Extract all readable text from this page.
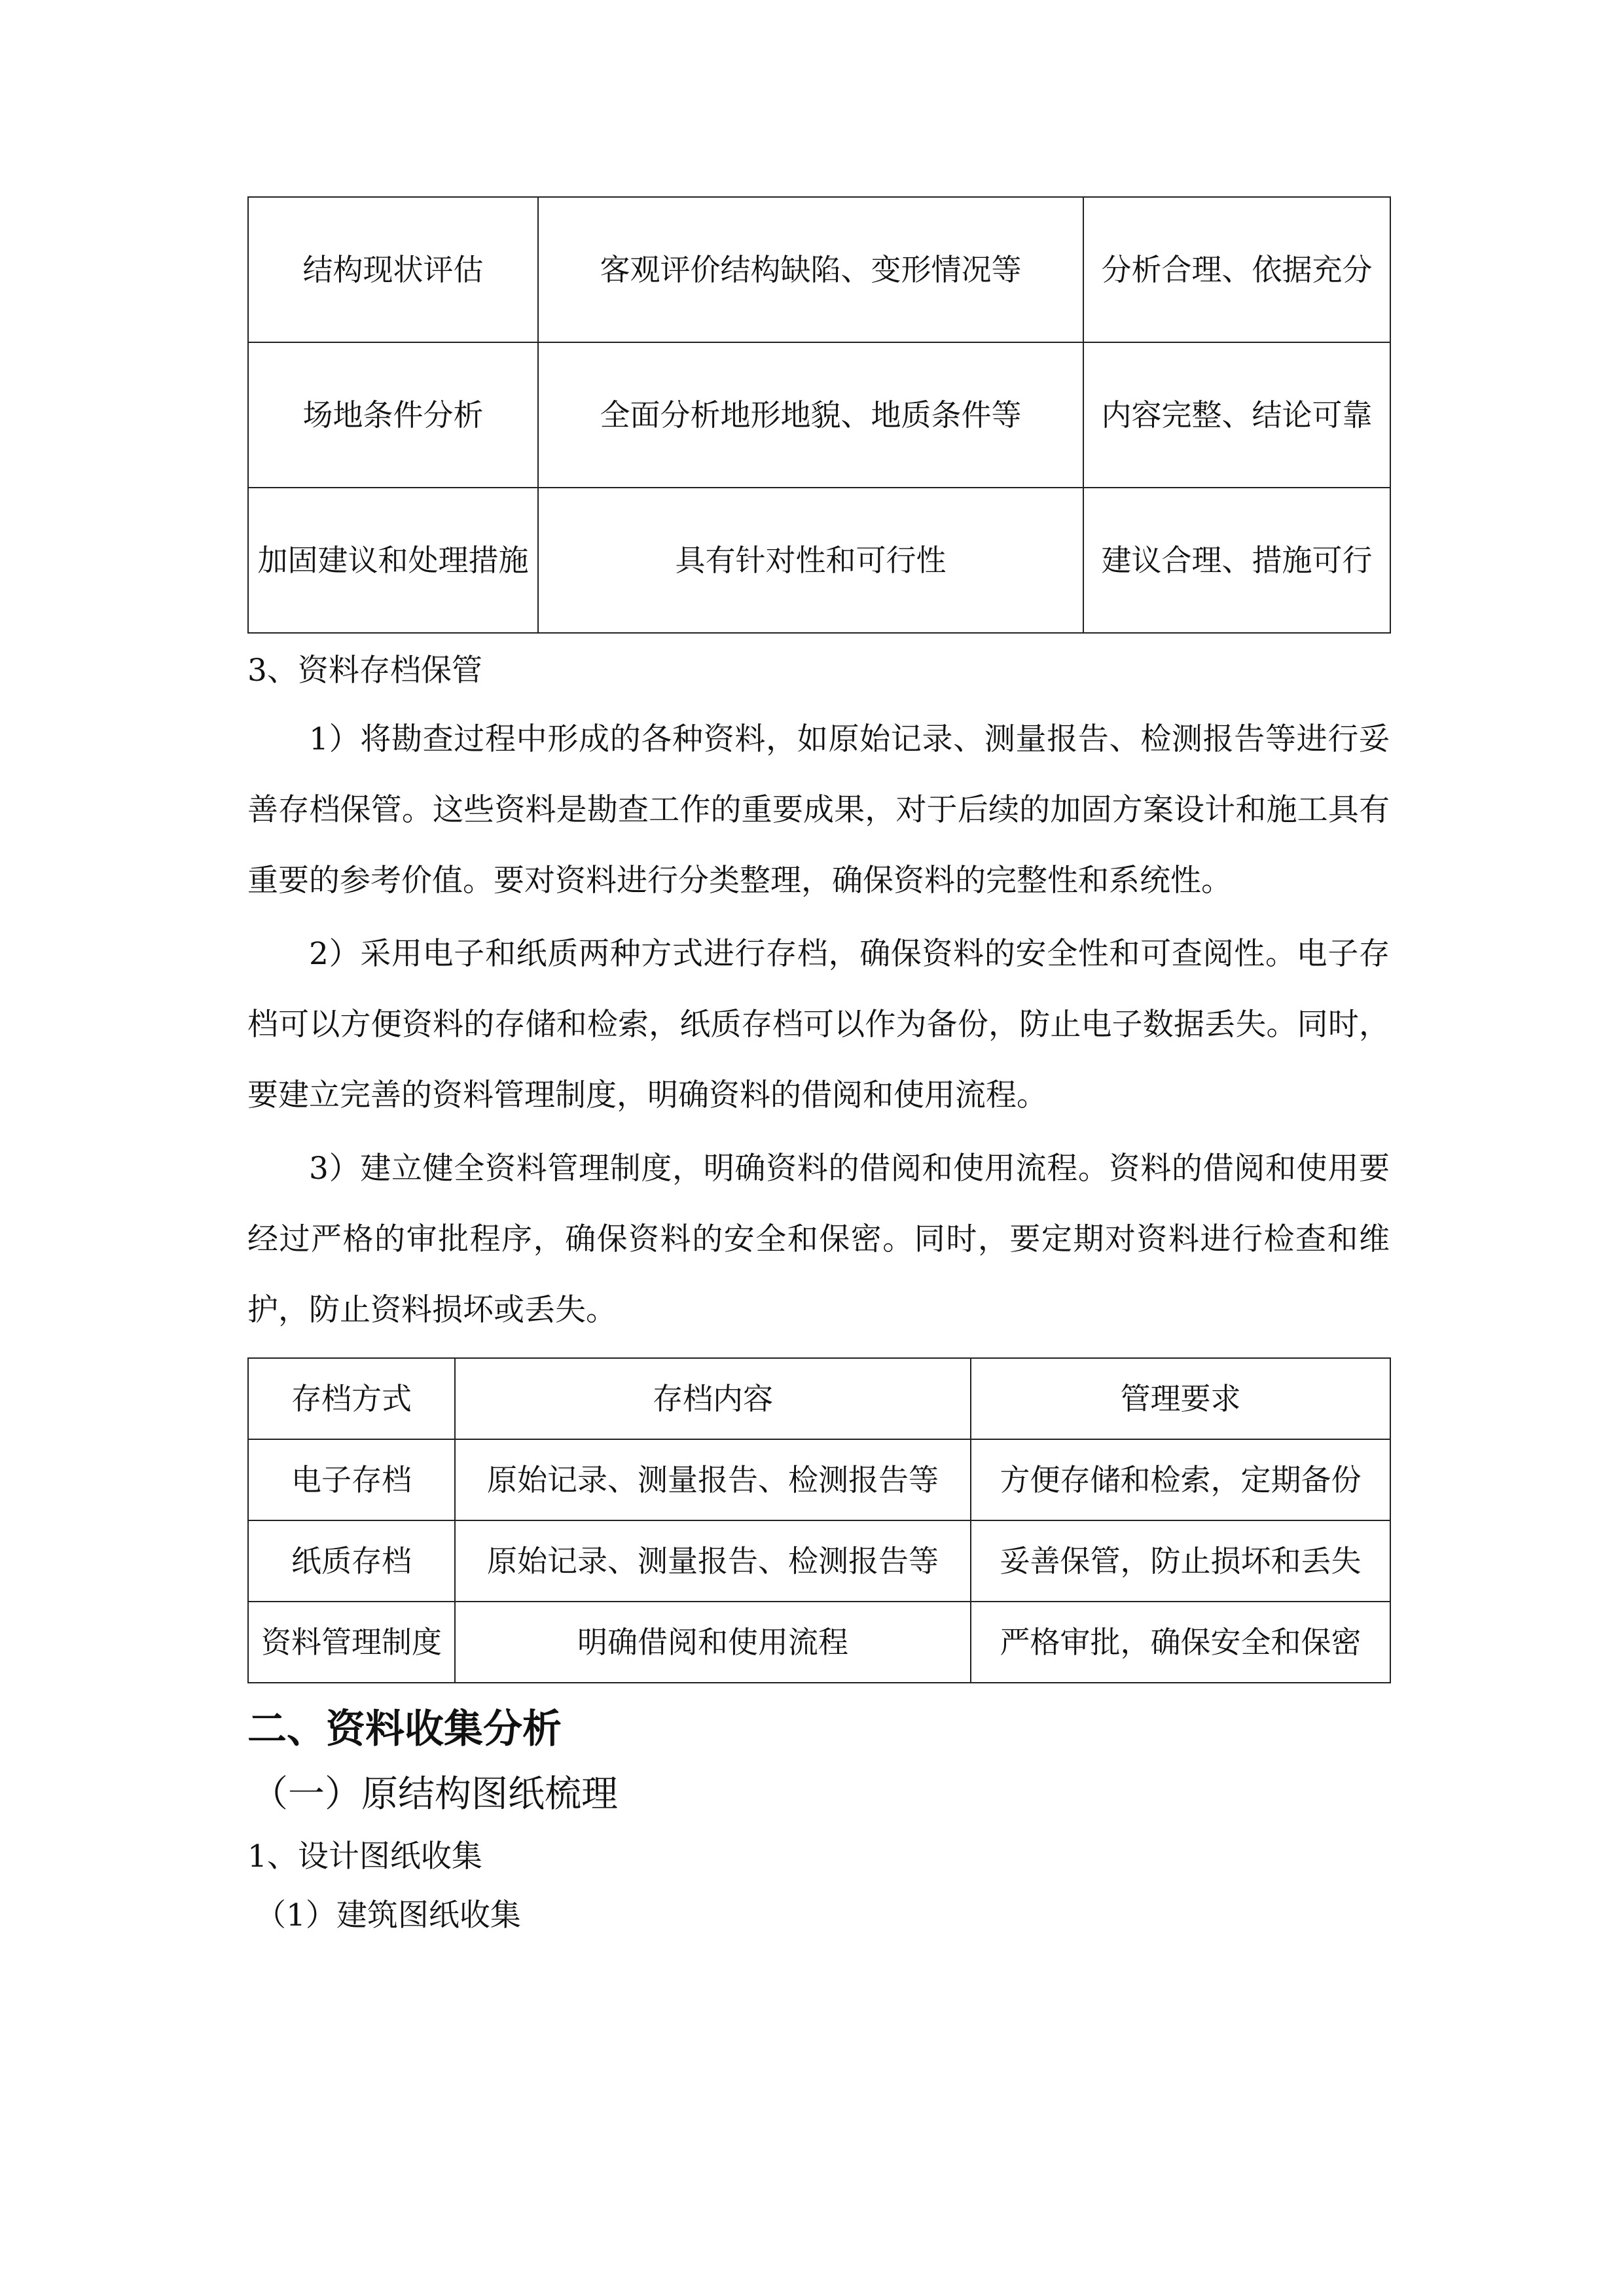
结构现状评估	客观评价结构缺陷、变形情况等	分析合理、依据充分
场地条件分析	全面分析地形地貌、地质条件等	内容完整、结论可靠
加固建议和处理措施	具有针对性和可行性	建议合理、措施可行
3、资料存档保管

1）将勘查过程中形成的各种资料，如原始记录、测量报告、检测报告等进行妥善存档保管。这些资料是勘查工作的重要成果，对于后续的加固方案设计和施工具有重要的参考价值。要对资料进行分类整理，确保资料的完整性和系统性。

2）采用电子和纸质两种方式进行存档，确保资料的安全性和可查阅性。电子存档可以方便资料的存储和检索，纸质存档可以作为备份，防止电子数据丢失。同时，要建立完善的资料管理制度，明确资料的借阅和使用流程。

3）建立健全资料管理制度，明确资料的借阅和使用流程。资料的借阅和使用要经过严格的审批程序，确保资料的安全和保密。同时，要定期对资料进行检查和维护，防止资料损坏或丢失。

存档方式	存档内容	管理要求
电子存档	原始记录、测量报告、检测报告等	方便存储和检索，定期备份
纸质存档	原始记录、测量报告、检测报告等	妥善保管，防止损坏和丢失
资料管理制度	明确借阅和使用流程	严格审批，确保安全和保密
二、资料收集分析
（一）原结构图纸梳理
1、设计图纸收集
（1）建筑图纸收集
